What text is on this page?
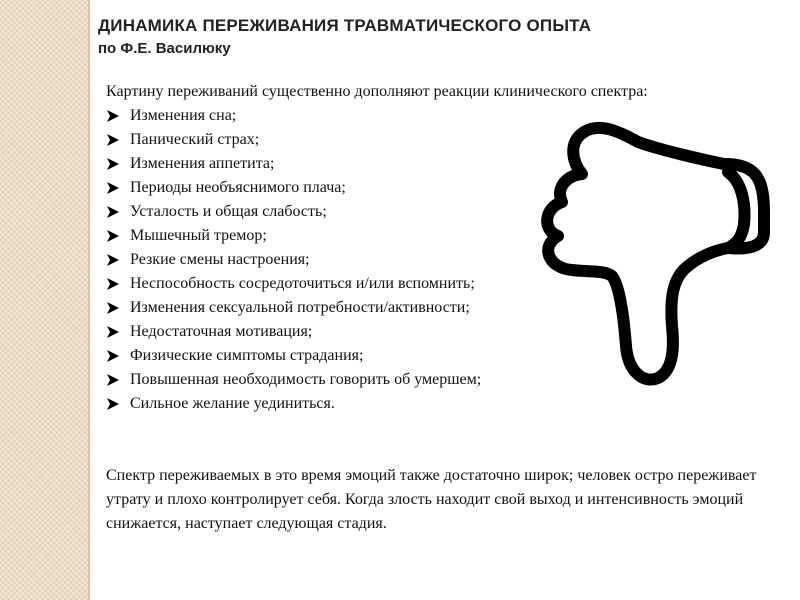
ДИНАМИКА ПЕРЕЖИВАНИЯ ТРАВМАТИЧЕСКОГО ОПЫТА
по Ф.Е. Василюку

Картину переживаний существенно дополняют реакции клинического спектра:

Изменения сна;
Панический страх;
Изменения аппетита;
Периоды необъяснимого плача;
Усталость и общая слабость;
Мышечный тремор;
Резкие смены настроения;
Неспособность сосредоточиться и/или вспомнить;
Изменения сексуальной потребности/активности;
Недостаточная мотивация;
Физические симптомы страдания;
Повышенная необходимость говорить об умершем;
Сильное желание уединиться.

Спектр переживаемых в это время эмоций также достаточно широк; человек остро переживает утрату и плохо контролирует себя. Когда злость находит свой выход и интенсивность эмоций снижается, наступает следующая стадия.
